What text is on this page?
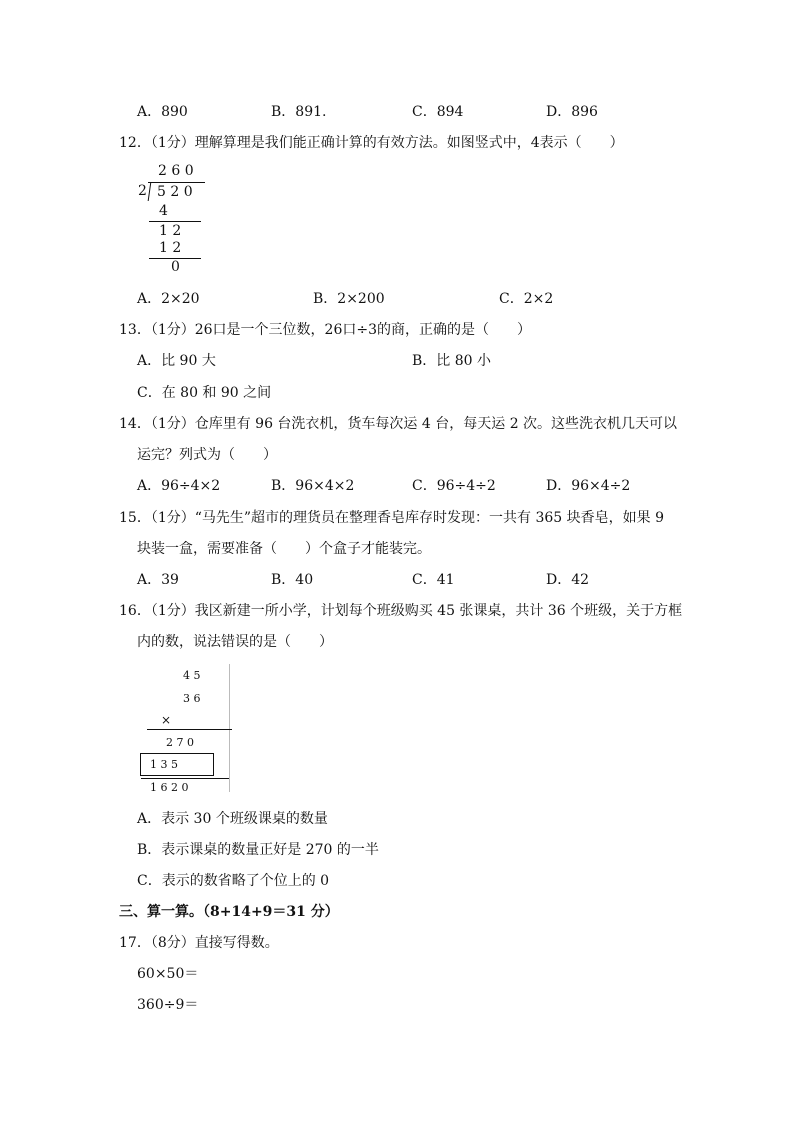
A．890	B．891.	C．894	D．896
12．（1分）理解算理是我们能正确计算的有效方法。如图竖式中，4表示（　　）
2 6 0
2 5 2 0
4
1 2
1 2
0
A．2×20	B．2×200	C．2×2
13．（1分）26口是一个三位数，26口÷3的商，正确的是（　　）
A．比 90 大	B．比 80 小
C．在 80 和 90 之间
14．（1分）仓库里有 96 台洗衣机，货车每次运 4 台，每天运 2 次。这些洗衣机几天可以
运完？列式为（　　）
A．96÷4×2	B．96×4×2	C．96÷4÷2	D．96×4÷2
15．（1分）“马先生”超市的理货员在整理香皂库存时发现：一共有 365 块香皂，如果 9
块装一盒，需要准备（　　）个盒子才能装完。
A．39	B．40	C．41	D．42
16．（1分）我区新建一所小学，计划每个班级购买 45 张课桌，共计 36 个班级，关于方框
内的数，说法错误的是（　　）
4 5
3 6
×
2 7 0
1 3 5
1 6 2 0
A．表示 30 个班级课桌的数量
B．表示课桌的数量正好是 270 的一半
C．表示的数省略了个位上的 0
三、算一算。（8+14+9＝31 分）
17．（8分）直接写得数。
60×50＝
360÷9＝
